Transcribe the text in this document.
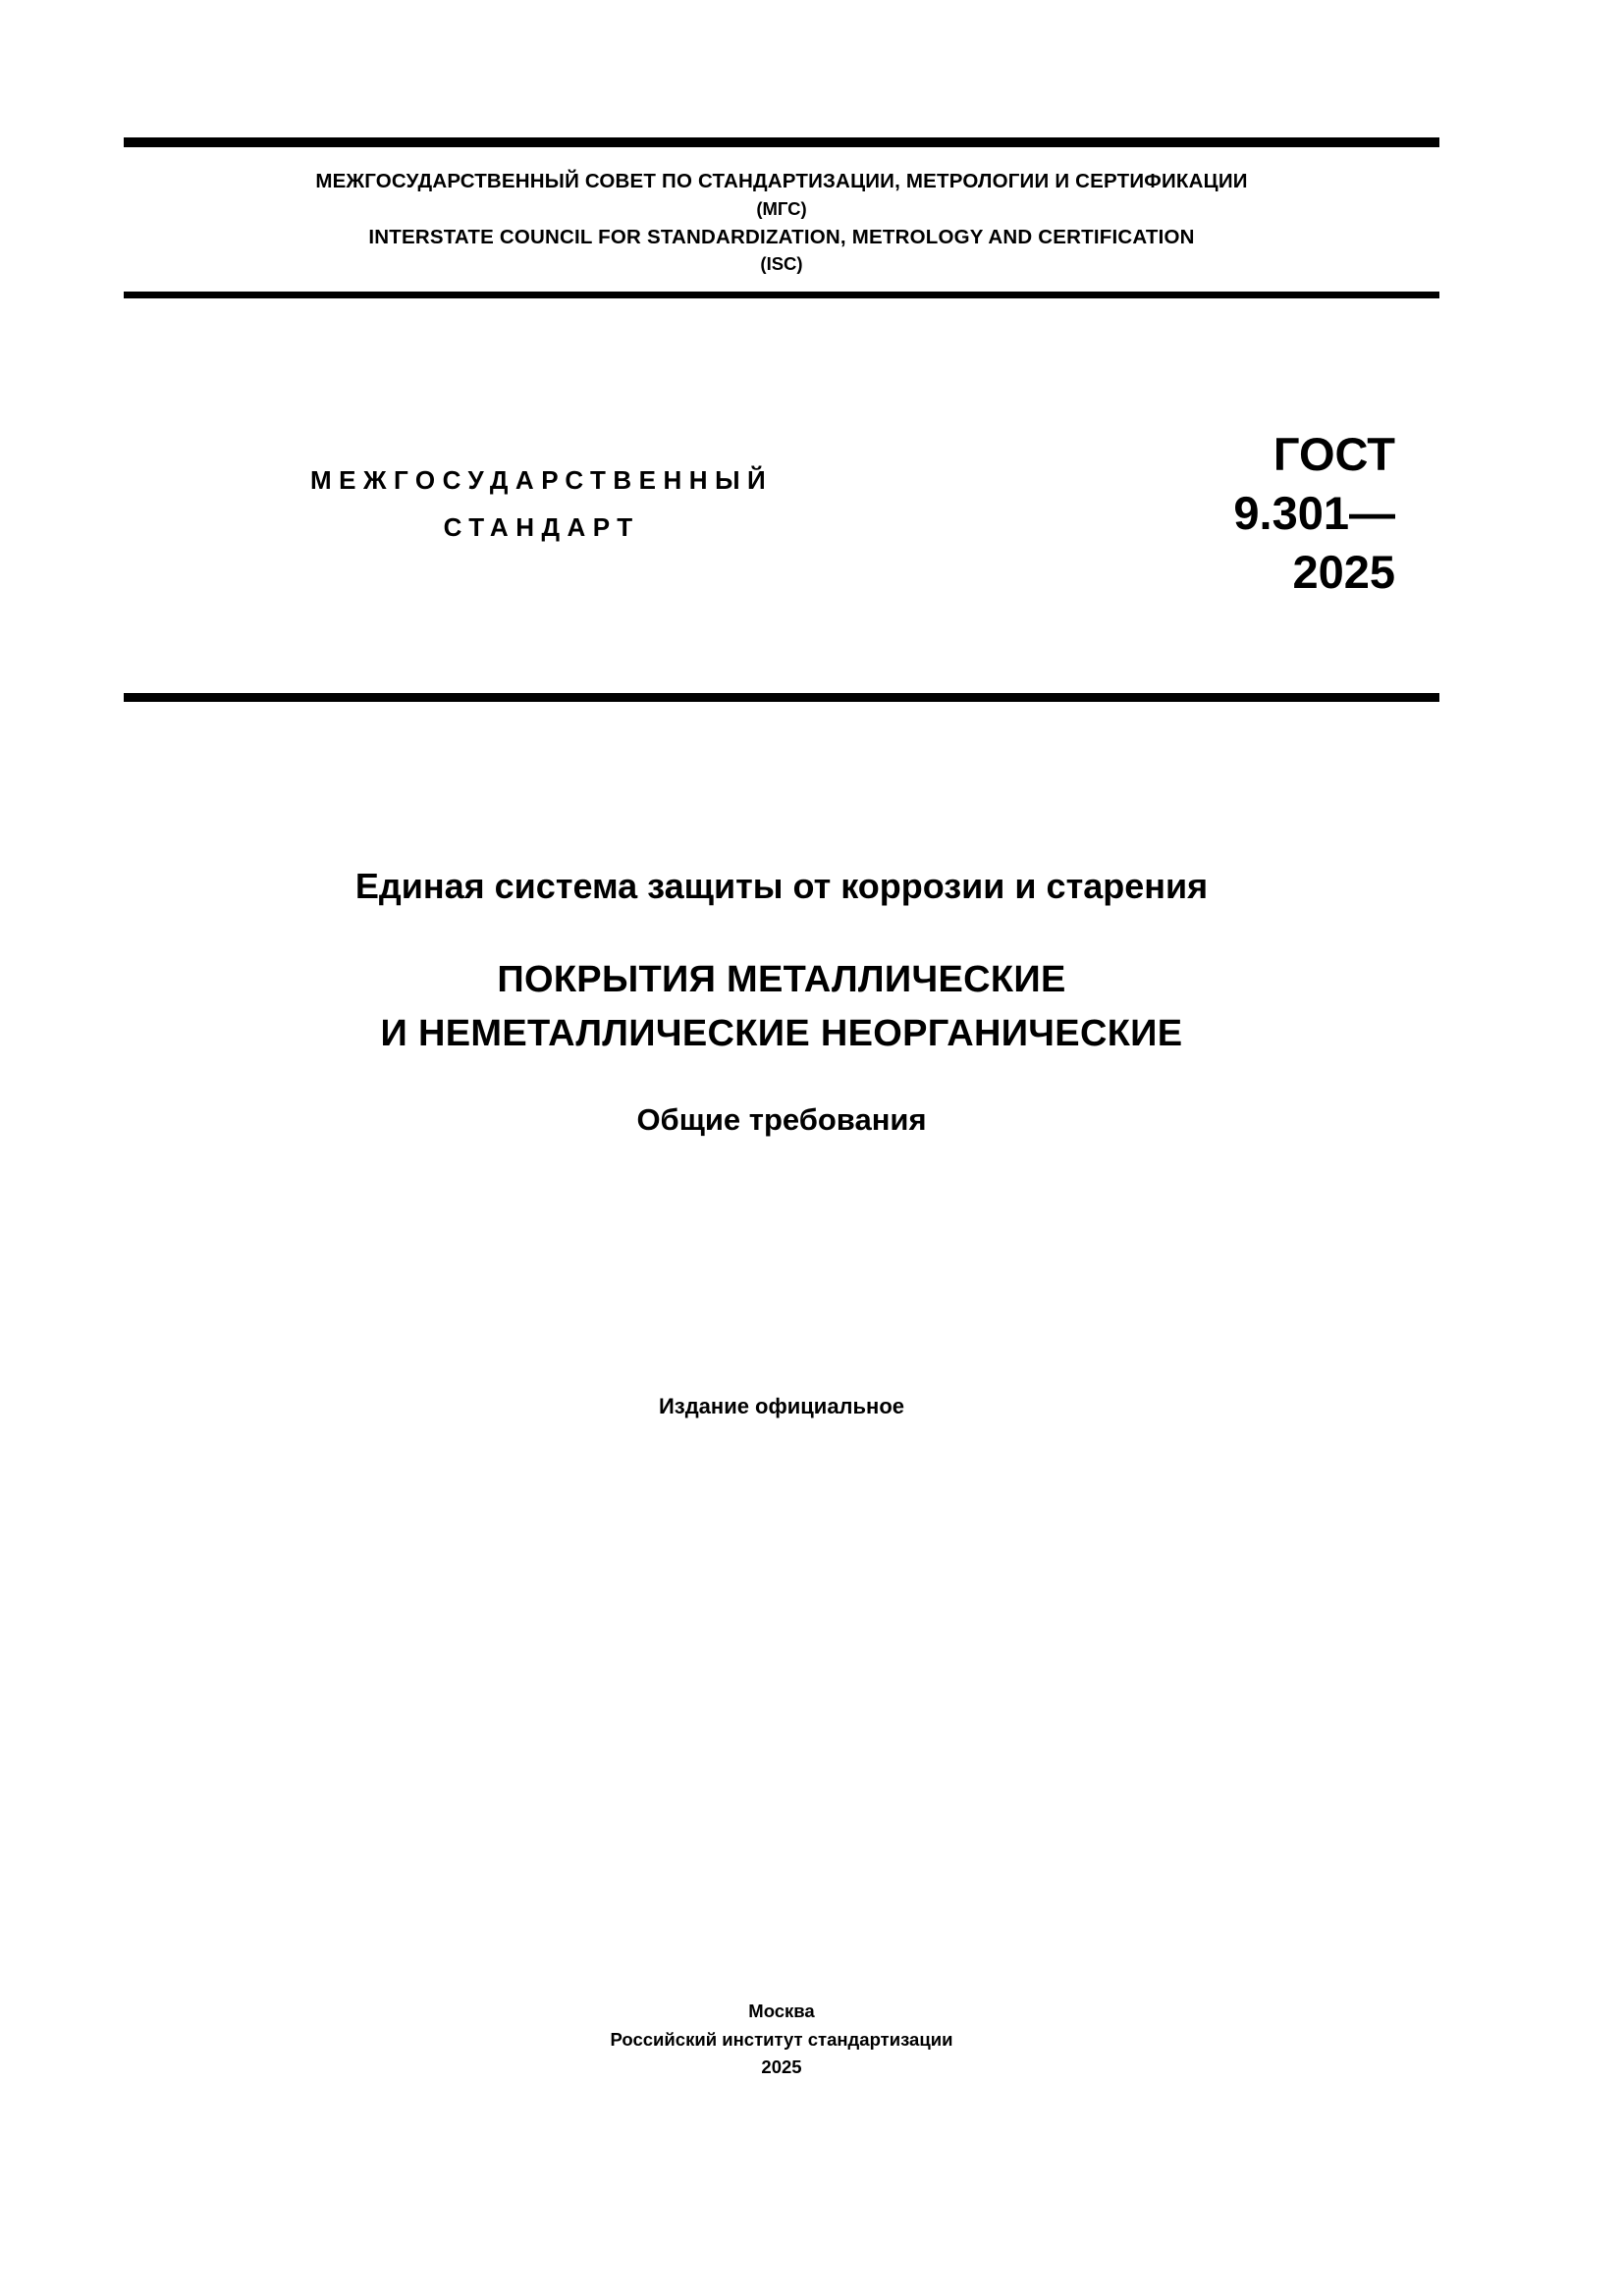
МЕЖГОСУДАРСТВЕННЫЙ СОВЕТ ПО СТАНДАРТИЗАЦИИ, МЕТРОЛОГИИ И СЕРТИФИКАЦИИ
(МГС)
INTERSTATE COUNCIL FOR STANDARDIZATION, METROLOGY AND CERTIFICATION
(ISC)
МЕЖГОСУДАРСТВЕННЫЙ
СТАНДАРТ
ГОСТ
9.301—
2025
Единая система защиты от коррозии и старения
ПОКРЫТИЯ МЕТАЛЛИЧЕСКИЕ
И НЕМЕТАЛЛИЧЕСКИЕ НЕОРГАНИЧЕСКИЕ
Общие требования
Издание официальное
Москва
Российский институт стандартизации
2025
